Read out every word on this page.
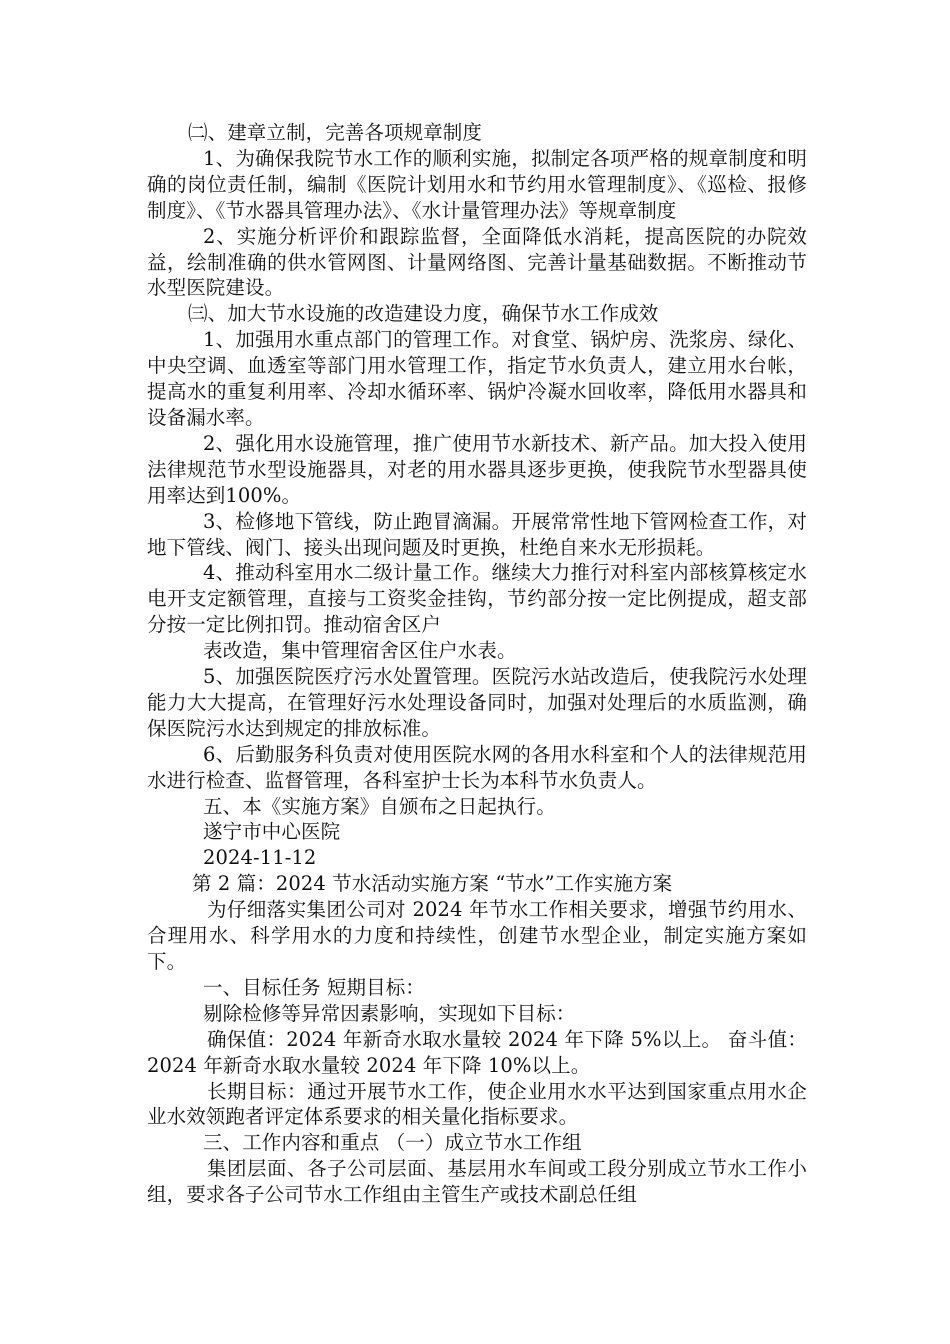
㈡、建章立制，完善各项规章制度

1、为确保我院节水工作的顺利实施，拟制定各项严格的规章制度和明确的岗位责任制，编制《医院计划用水和节约用水管理制度》、《巡检、报修制度》、《节水器具管理办法》、《水计量管理办法》等规章制度

2、实施分析评价和跟踪监督，全面降低水消耗，提高医院的办院效益，绘制准确的供水管网图、计量网络图、完善计量基础数据。不断推动节水型医院建设。

㈢、加大节水设施的改造建设力度，确保节水工作成效

1、加强用水重点部门的管理工作。对食堂、锅炉房、洗浆房、绿化、中央空调、血透室等部门用水管理工作，指定节水负责人，建立用水台帐，提高水的重复利用率、冷却水循环率、锅炉冷凝水回收率，降低用水器具和设备漏水率。

2、强化用水设施管理，推广使用节水新技术、新产品。加大投入使用法律规范节水型设施器具，对老的用水器具逐步更换，使我院节水型器具使用率达到100%。

3、检修地下管线，防止跑冒滴漏。开展常常性地下管网检查工作，对地下管线、阀门、接头出现问题及时更换，杜绝自来水无形损耗。

4、推动科室用水二级计量工作。继续大力推行对科室内部核算核定水电开支定额管理，直接与工资奖金挂钩，节约部分按一定比例提成，超支部分按一定比例扣罚。推动宿舍区户

表改造，集中管理宿舍区住户水表。

5、加强医院医疗污水处置管理。医院污水站改造后，使我院污水处理能力大大提高，在管理好污水处理设备同时，加强对处理后的水质监测，确保医院污水达到规定的排放标准。

6、后勤服务科负责对使用医院水网的各用水科室和个人的法律规范用水进行检查、监督管理，各科室护士长为本科节水负责人。

五、本《实施方案》自颁布之日起执行。

遂宁市中心医院

2024-11-12

第 2 篇：2024 节水活动实施方案 “节水”工作实施方案

为仔细落实集团公司对 2024 年节水工作相关要求，增强节约用水、合理用水、科学用水的力度和持续性，创建节水型企业，制定实施方案如下。

一、目标任务 短期目标：

剔除检修等异常因素影响，实现如下目标：

确保值：2024 年新奇水取水量较 2024 年下降 5%以上。 奋斗值：2024 年新奇水取水量较 2024 年下降 10%以上。

长期目标：通过开展节水工作，使企业用水水平达到国家重点用水企业水效领跑者评定体系要求的相关量化指标要求。

三、工作内容和重点 （一）成立节水工作组

集团层面、各子公司层面、基层用水车间或工段分别成立节水工作小组，要求各子公司节水工作组由主管生产或技术副总任组
